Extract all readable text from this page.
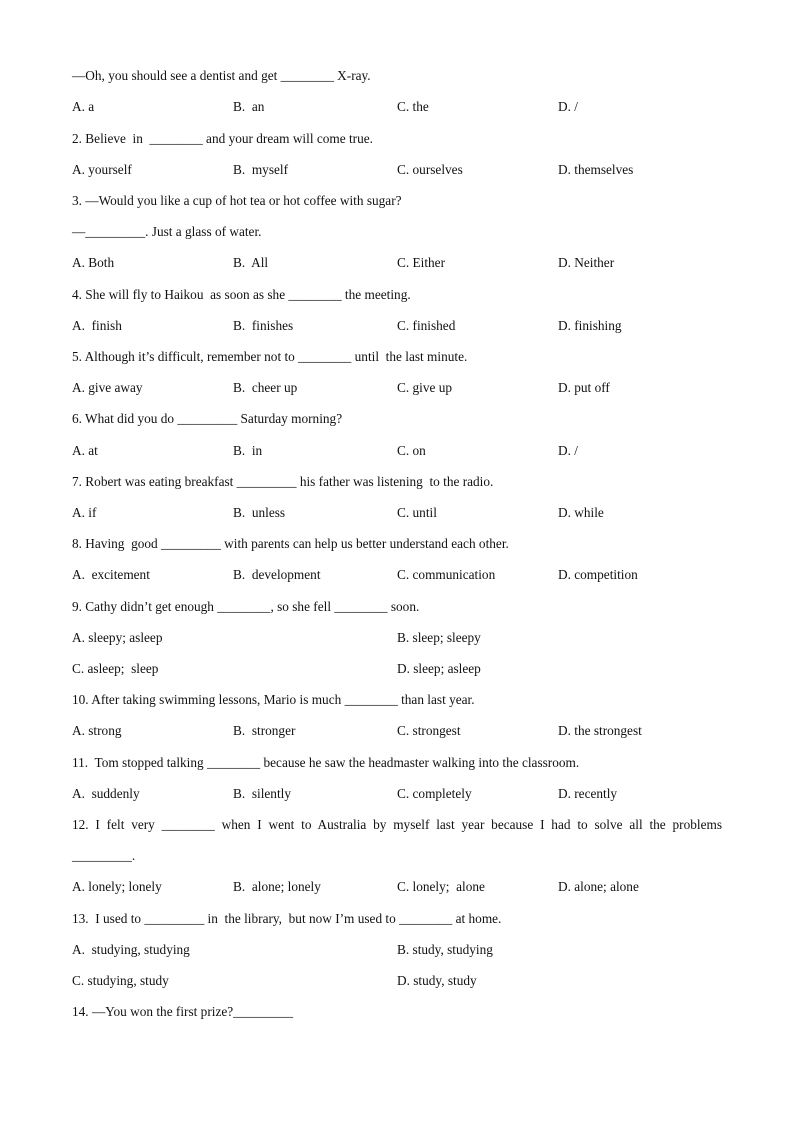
—Oh, you should see a dentist and get ________ X-ray.
A. a	B.  an	C. the	D. /
2. Believe  in  ________ and your dream will come true.
A. yourself	B.  myself	C. ourselves	D. themselves
3. —Would you like a cup of hot tea or hot coffee with sugar?
—_________. Just a glass of water.
A. Both	B.  All	C. Either	D. Neither
4. She will fly to Haikou  as soon as she ________ the meeting.
A.  finish	B.  finishes	C. finished	D. finishing
5. Although it’s difficult, remember not to ________ until  the last minute.
A. give away	B.  cheer up	C. give up	D. put off
6. What did you do _________ Saturday morning?
A. at	B.  in	C. on	D. /
7. Robert was eating breakfast _________ his father was listening  to the radio.
A. if	B.  unless	C. until	D. while
8. Having  good _________ with parents can help us better understand each other.
A.  excitement	B.  development	C. communication	D. competition
9. Cathy didn’t get enough ________, so she fell ________ soon.
A. sleepy; asleep	B. sleep; sleepy
C. asleep;  sleep	D. sleep; asleep
10. After taking swimming lessons, Mario is much ________ than last year.
A. strong	B.  stronger	C. strongest	D. the strongest
11.  Tom stopped talking ________ because he saw the headmaster walking into the classroom.
A.  suddenly	B.  silently	C. completely	D. recently
12. I felt very ________ when I went to Australia by myself last year because I had to solve all the problems
_________.
A. lonely; lonely	B.  alone; lonely	C. lonely;  alone	D. alone; alone
13.  I used to _________ in  the library,  but now I’m used to ________ at home.
A.  studying, studying	B. study, studying
C. studying, study	D. study, study
14. —You won the first prize?_________
